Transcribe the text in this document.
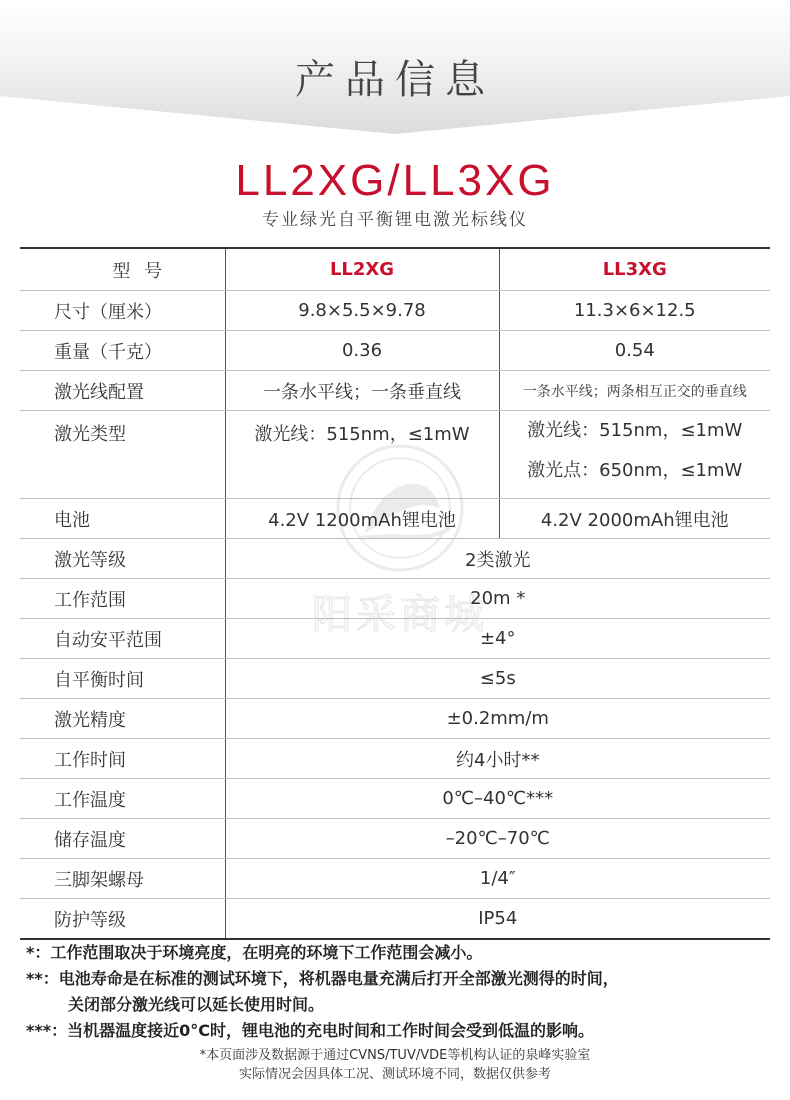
产品信息
LL2XG/LL3XG
专业绿光自平衡锂电激光标线仪
阳采商城
型 号	LL2XG	LL3XG
尺寸（厘米）	9.8×5.5×9.78	11.3×6×12.5
重量（千克）	0.36	0.54
激光线配置	一条水平线；一条垂直线	一条水平线；两条相互正交的垂直线
激光类型	激光线：515nm，≤1mW	激光线：515nm，≤1mW
激光点：650nm，≤1mW

电池	4.2V 1200mAh锂电池	4.2V 2000mAh锂电池
激光等级	2类激光	
工作范围	20m *	
自动安平范围	±4°	
自平衡时间	≤5s	
激光精度	±0.2mm/m	
工作时间	约4小时**	
工作温度	0℃–40℃***	
储存温度	–20℃–70℃	
三脚架螺母	1/4″	
防护等级	IP54	
*： 工作范围取决于环境亮度，在明亮的环境下工作范围会减小。
**： 电池寿命是在标准的测试环境下，将机器电量充满后打开全部激光测得的时间，
关闭部分激光线可以延长使用时间。
***： 当机器温度接近0°C时，锂电池的充电时间和工作时间会受到低温的影响。
*本页面涉及数据源于通过CVNS/TUV/VDE等机构认证的泉峰实验室
实际情况会因具体工况、测试环境不同，数据仅供参考
